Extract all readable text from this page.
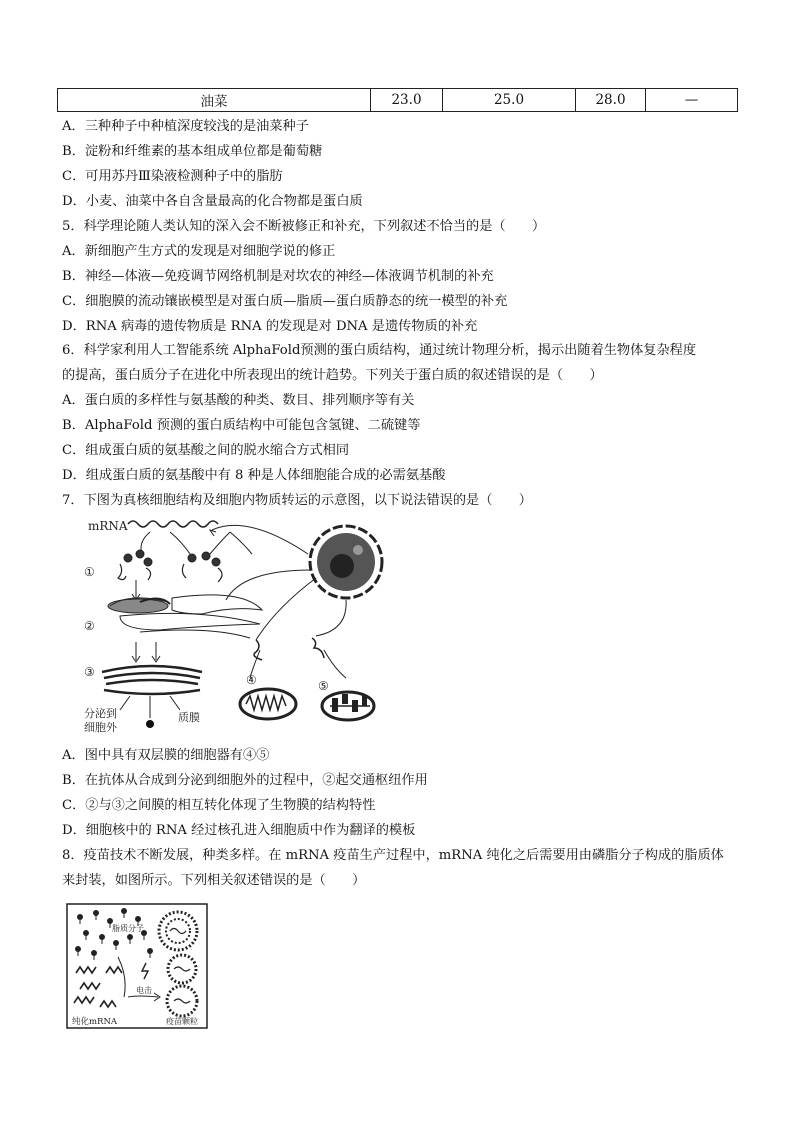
油菜	23.0	25.0	28.0	—
A．三种种子中种植深度较浅的是油菜种子
B．淀粉和纤维素的基本组成单位都是葡萄糖
C．可用苏丹Ⅲ染液检测种子中的脂肪
D．小麦、油菜中各自含量最高的化合物都是蛋白质
5．科学理论随人类认知的深入会不断被修正和补充，下列叙述不恰当的是（　　）
A．新细胞产生方式的发现是对细胞学说的修正
B．神经—体液—免疫调节网络机制是对坎农的神经—体液调节机制的补充
C．细胞膜的流动镶嵌模型是对蛋白质—脂质—蛋白质静态的统一模型的补充
D．RNA 病毒的遗传物质是 RNA 的发现是对 DNA 是遗传物质的补充
6．科学家利用人工智能系统 AlphaFold预测的蛋白质结构，通过统计物理分析，揭示出随着生物体复杂程度
的提高，蛋白质分子在进化中所表现出的统计趋势。下列关于蛋白质的叙述错误的是（　　）
A．蛋白质的多样性与氨基酸的种类、数目、排列顺序等有关
B．AlphaFold 预测的蛋白质结构中可能包含氢键、二硫键等
C．组成蛋白质的氨基酸之间的脱水缩合方式相同
D．组成蛋白质的氨基酸中有 8 种是人体细胞能合成的必需氨基酸
7．下图为真核细胞结构及细胞内物质转运的示意图，以下说法错误的是（　　）
mRNA
①
②
③
分泌到
细胞外
质膜
④	⑤
A．图中具有双层膜的细胞器有④⑤
B．在抗体从合成到分泌到细胞外的过程中，②起交通枢纽作用
C．②与③之间膜的相互转化体现了生物膜的结构特性
D．细胞核中的 RNA 经过核孔进入细胞质中作为翻译的模板
8．疫苗技术不断发展，种类多样。在 mRNA 疫苗生产过程中，mRNA 纯化之后需要用由磷脂分子构成的脂质体
来封装，如图所示。下列相关叙述错误的是（　　）
脂质分子
电击
纯化mRNA	疫苗颗粒
